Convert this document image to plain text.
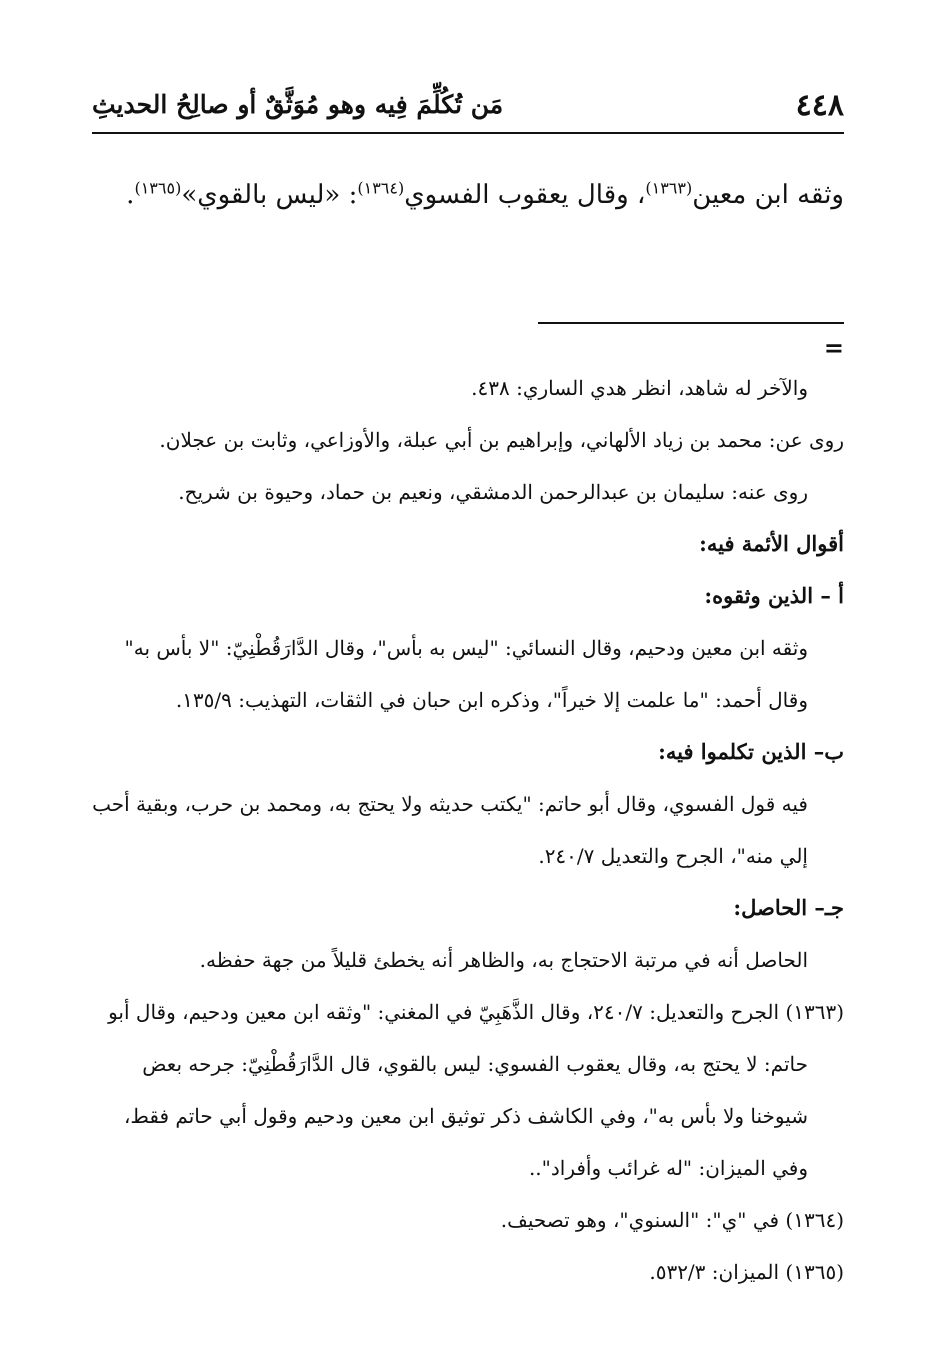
٤٤٨
مَن تُكُلِّمَ فِيه وهو مُوَثَّقٌ أو صالِحُ الحديثِ

وثقه ابن معين$^{(١٣٦٣)}$، وقال يعقوب الفسوي$^{(١٣٦٤)}$: «ليس بالقوي»$^{(١٣٦٥)}$.

=

والآخر له شاهد، انظر هدي الساري: ٤٣٨.

روى عن: محمد بن زياد الألهاني، وإبراهيم بن أبي عبلة، والأوزاعي، وثابت بن عجلان.

روى عنه: سليمان بن عبدالرحمن الدمشقي، ونعيم بن حماد، وحيوة بن شريح.

أقوال الأئمة فيه:

أ – الذين وثقوه:

وثقه ابن معين ودحيم، وقال النسائي: "ليس به بأس"، وقال الدَّارَقُطْنِيّ: "لا بأس به" وقال أحمد: "ما علمت إلا خيراً"، وذكره ابن حبان في الثقات، التهذيب: ١٣٥/٩.

ب– الذين تكلموا فيه:

فيه قول الفسوي، وقال أبو حاتم: "يكتب حديثه ولا يحتج به، ومحمد بن حرب، وبقية أحب إلي منه"، الجرح والتعديل ٢٤٠/٧.

جـ– الحاصل:

الحاصل أنه في مرتبة الاحتجاج به، والظاهر أنه يخطئ قليلاً من جهة حفظه.

(١٣٦٣) الجرح والتعديل: ٢٤٠/٧، وقال الذَّهَبِيّ في المغني: "وثقه ابن معين ودحيم، وقال أبو حاتم: لا يحتج به، وقال يعقوب الفسوي: ليس بالقوي، قال الدَّارَقُطْنِيّ: جرحه بعض شيوخنا ولا بأس به"، وفي الكاشف ذكر توثيق ابن معين ودحيم وقول أبي حاتم فقط، وفي الميزان: "له غرائب وأفراد"..

(١٣٦٤) في "ي": "السنوي"، وهو تصحيف.

(١٣٦٥) الميزان: ٥٣٢/٣.
